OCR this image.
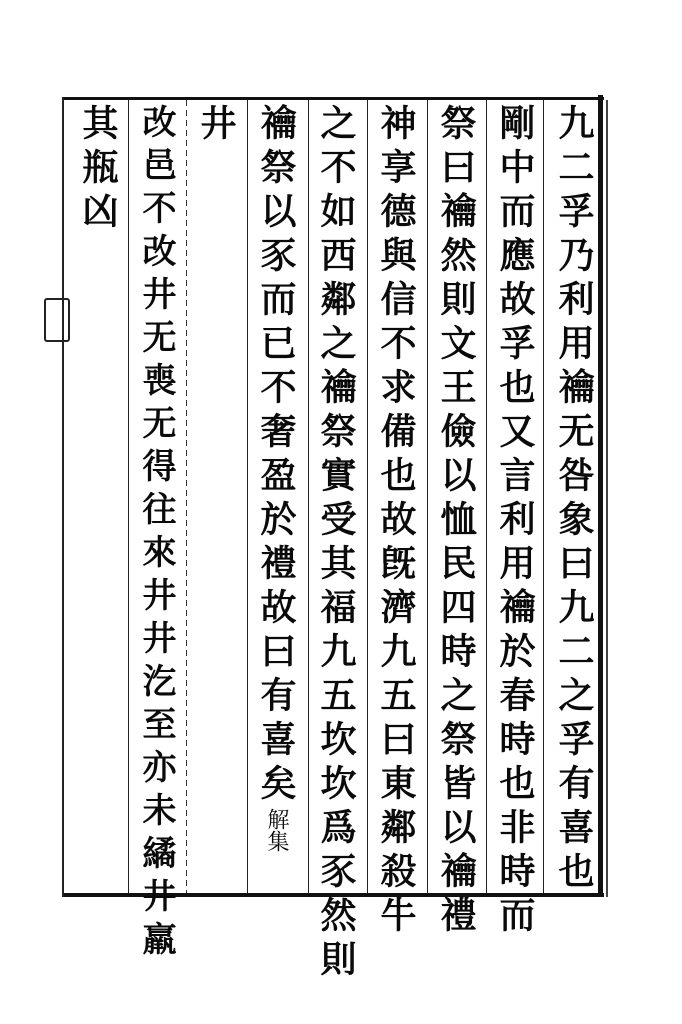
九二孚乃利用禴无咎象曰九二之孚有喜也
剛中而應故孚也又言利用禴於春時也非時而
祭曰禴然則文王儉以恤民四時之祭皆以禴禮
神享德與信不求備也故旣濟九五曰東鄰殺牛
之不如西鄰之禴祭實受其福九五坎坎爲豕然則
禴祭以豕而已不奢盈於禮故曰有喜矣解集
井
改邑不改井无喪无得往來井井汔至亦未繘井羸
其瓶凶
